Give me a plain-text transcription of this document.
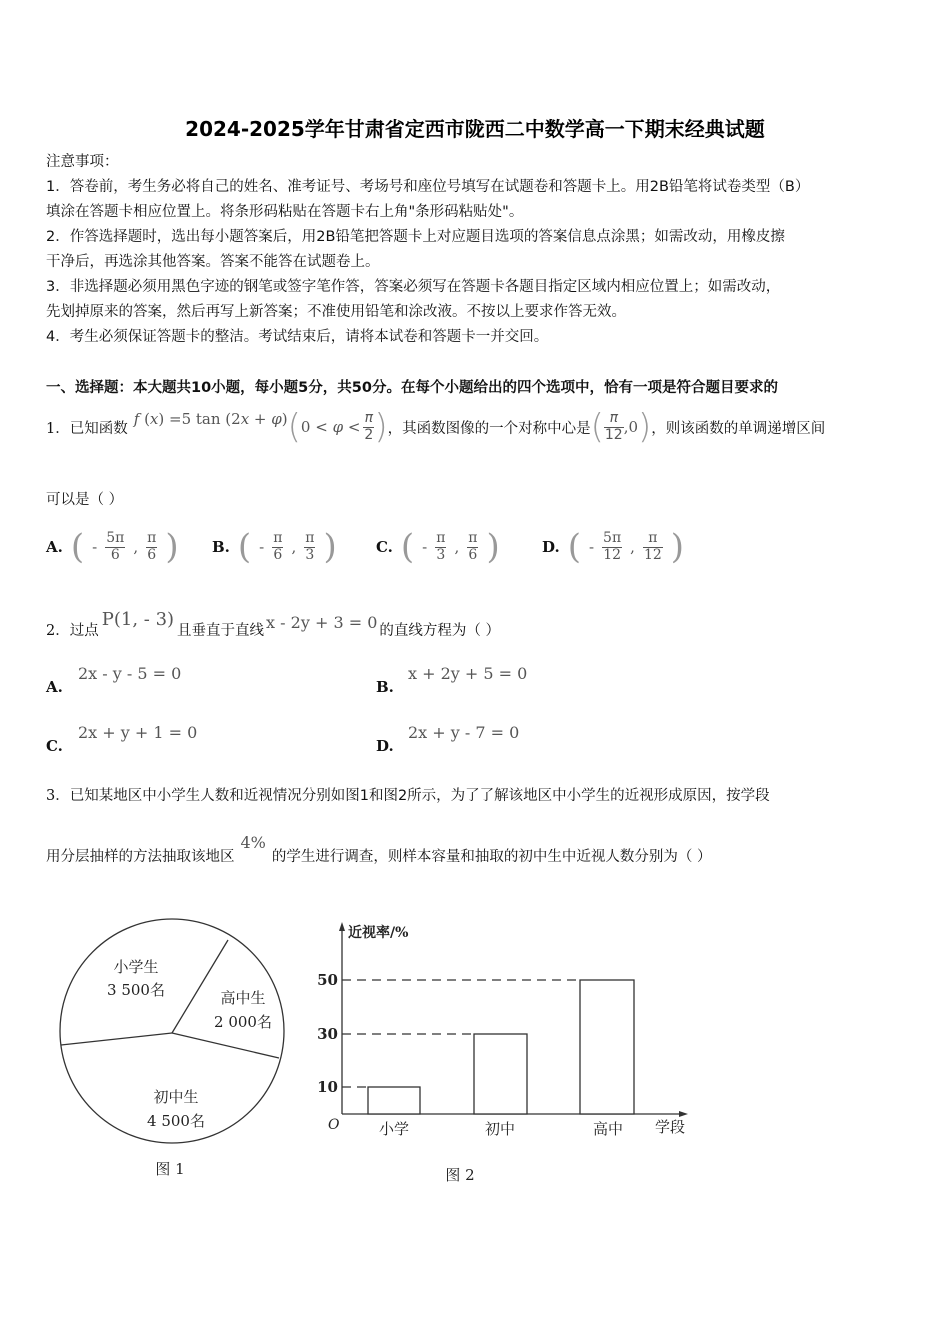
2024-2025学年甘肃省定西市陇西二中数学高一下期末经典试题
注意事项：
1．答卷前，考生务必将自己的姓名、准考证号、考场号和座位号填写在试题卷和答题卡上。用2B铅笔将试卷类型（B）
填涂在答题卡相应位置上。将条形码粘贴在答题卡右上角"条形码粘贴处"。
2．作答选择题时，选出每小题答案后，用2B铅笔把答题卡上对应题目选项的答案信息点涂黑；如需改动，用橡皮擦
干净后，再选涂其他答案。答案不能答在试题卷上。
3．非选择题必须用黑色字迹的钢笔或签字笔作答，答案必须写在答题卡各题目指定区域内相应位置上；如需改动，
先划掉原来的答案，然后再写上新答案；不准使用铅笔和涂改液。不按以上要求作答无效。
4．考生必须保证答题卡的整洁。考试结束后，请将本试卷和答题卡一并交回。
一、选择题：本大题共10小题，每小题5分，共50分。在每个小题给出的四个选项中，恰有一项是符合题目要求的
1． 已知函数
f (x) =5 tan (2x + φ) ( $0 < \varphi < \frac{\pi}{2}$ ) ，其函数图像的一个对称中心是 ( $\frac{\pi}{12} ,0$ ) ，则该函数的单调递增区间
可以是（ ）
A. ( - $\frac{5\pi}{6}$ , $\frac{\pi}{6}$ ) B. ( - $\frac{\pi}{6}$ , $\frac{\pi}{3}$ )	C. ( - $\frac{\pi}{3}$ , $\frac{\pi}{6}$ )	D. ( - $\frac{5\pi}{12}$ , $\frac{\pi}{12}$ )
2． 过点
P(1, - 3)
且垂直于直线 x - 2y + 3 = 0 的直线方程为（ ）
A.
2x - y - 5 = 0
B.
x + 2y + 5 = 0
C.
2x + y + 1 = 0
D.
2x + y - 7 = 0
3．已知某地区中小学生人数和近视情况分别如图1和图2所示，为了了解该地区中小学生的近视形成原因，按学段
用分层抽样的方法抽取该地区
4%
的学生进行调查，则样本容量和抽取的初中生中近视人数分别为（ ）
小学生
3 500名	高中生
2 000名
初中生
4 500名
图 1
近视率/%
学段
O
50
30
10
小学	初中	高中
图 2
